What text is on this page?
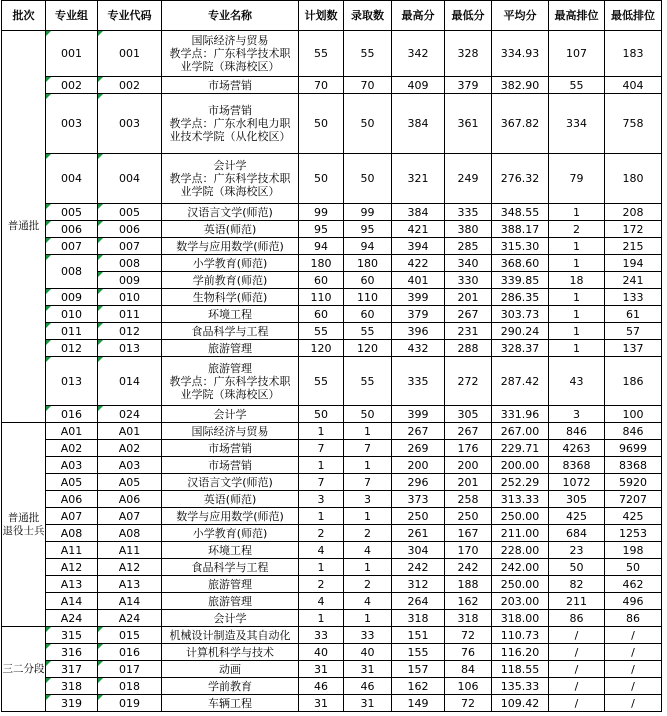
批次	专业组	专业代码	专业名称	计划数	录取数	最高分	最低分	平均分	最高排位	最低排位
普通批	001	001	国际经济与贸易
教学点：广东科学技术职
业学院（珠海校区）	55	55	342	328	334.93	107	183
	002	002	市场营销	70	70	409	379	382.90	55	404
	003	003	市场营销
教学点：广东水利电力职
业技术学院（从化校区）	50	50	384	361	367.82	334	758
	004	004	会计学
教学点：广东科学技术职
业学院（珠海校区）	50	50	321	249	276.32	79	180
	005	005	汉语言文学(师范)	99	99	384	335	348.55	1	208
	006	006	英语(师范)	95	95	421	380	388.17	2	172
	007	007	数学与应用数学(师范)	94	94	394	285	315.30	1	215
	008	008	小学教育(师范)	180	180	422	340	368.60	1	194
		009	学前教育(师范)	60	60	401	330	339.85	18	241
	009	010	生物科学(师范)	110	110	399	201	286.35	1	133
	010	011	环境工程	60	60	379	267	303.73	1	61
	011	012	食品科学与工程	55	55	396	231	290.24	1	57
	012	013	旅游管理	120	120	432	288	328.37	1	137
	013	014	旅游管理
教学点：广东科学技术职
业学院（珠海校区）	55	55	335	272	287.42	43	186
	016	024	会计学	50	50	399	305	331.96	3	100
普通批
退役士兵	A01	A01	国际经济与贸易	1	1	267	267	267.00	846	846
	A02	A02	市场营销	7	7	269	176	229.71	4263	9699
	A03	A03	市场营销	1	1	200	200	200.00	8368	8368
	A05	A05	汉语言文学(师范)	7	7	296	201	252.29	1072	5920
	A06	A06	英语(师范)	3	3	373	258	313.33	305	7207
	A07	A07	数学与应用数学(师范)	1	1	250	250	250.00	425	425
	A08	A08	小学教育(师范)	2	2	261	167	211.00	684	1253
	A11	A11	环境工程	4	4	304	170	228.00	23	198
	A12	A12	食品科学与工程	1	1	242	242	242.00	50	50
	A13	A13	旅游管理	2	2	312	188	250.00	82	462
	A14	A14	旅游管理	4	4	264	162	203.00	211	496
	A24	A24	会计学	1	1	318	318	318.00	86	86
三二分段	315	015	机械设计制造及其自动化	33	33	151	72	110.73	/	/
	316	016	计算机科学与技术	40	40	155	76	116.20	/	/
	317	017	动画	31	31	157	84	118.55	/	/
	318	018	学前教育	46	46	162	106	135.33	/	/
	319	019	车辆工程	31	31	149	72	109.42	/	/
